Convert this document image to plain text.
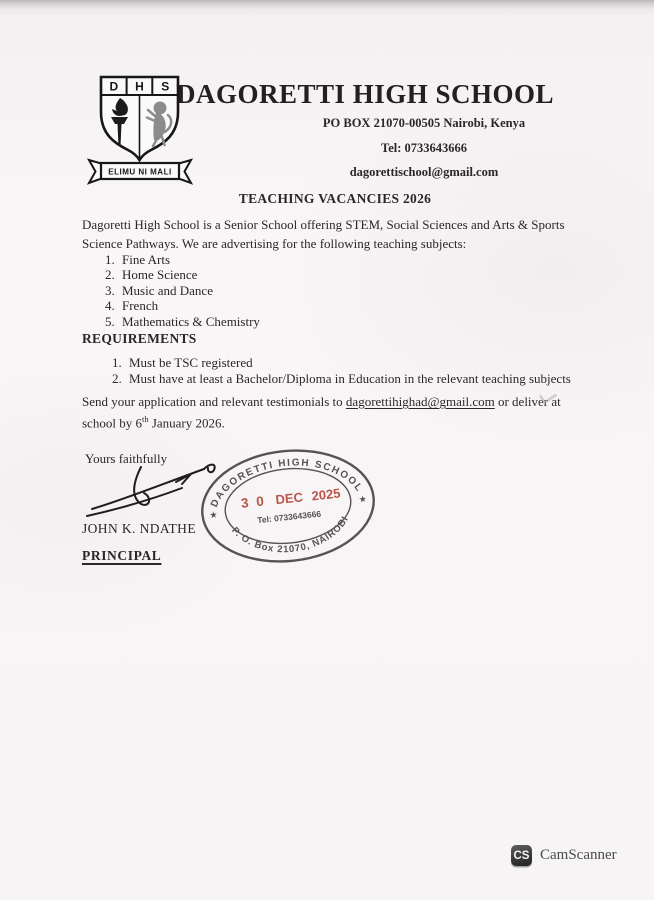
D H S
ELIMU NI MALI
DAGORETTI HIGH SCHOOL
PO BOX 21070-00505 Nairobi, Kenya
Tel: 0733643666
dagorettischool@gmail.com
TEACHING VACANCIES 2026
Dagoretti High School is a Senior School offering STEM, Social Sciences and Arts & Sports
Science Pathways. We are advertising for the following teaching subjects:
1. Fine Arts
2. Home Science
3. Music and Dance
4. French
5. Mathematics & Chemistry
REQUIREMENTS
1. Must be TSC registered
2. Must have at least a Bachelor/Diploma in Education in the relevant teaching subjects
Send your application and relevant testimonials to dagorettihighad@gmail.com or deliver at
school by 6th January 2026.
Yours faithfully
JOHN K. NDATHE
PRINCIPAL
DAGORETTI HIGH SCHOOL
P. O. Box 21070, NAIROBI
★
★
3 0 DEC 2025
Tel: 0733643666
CS CamScanner
